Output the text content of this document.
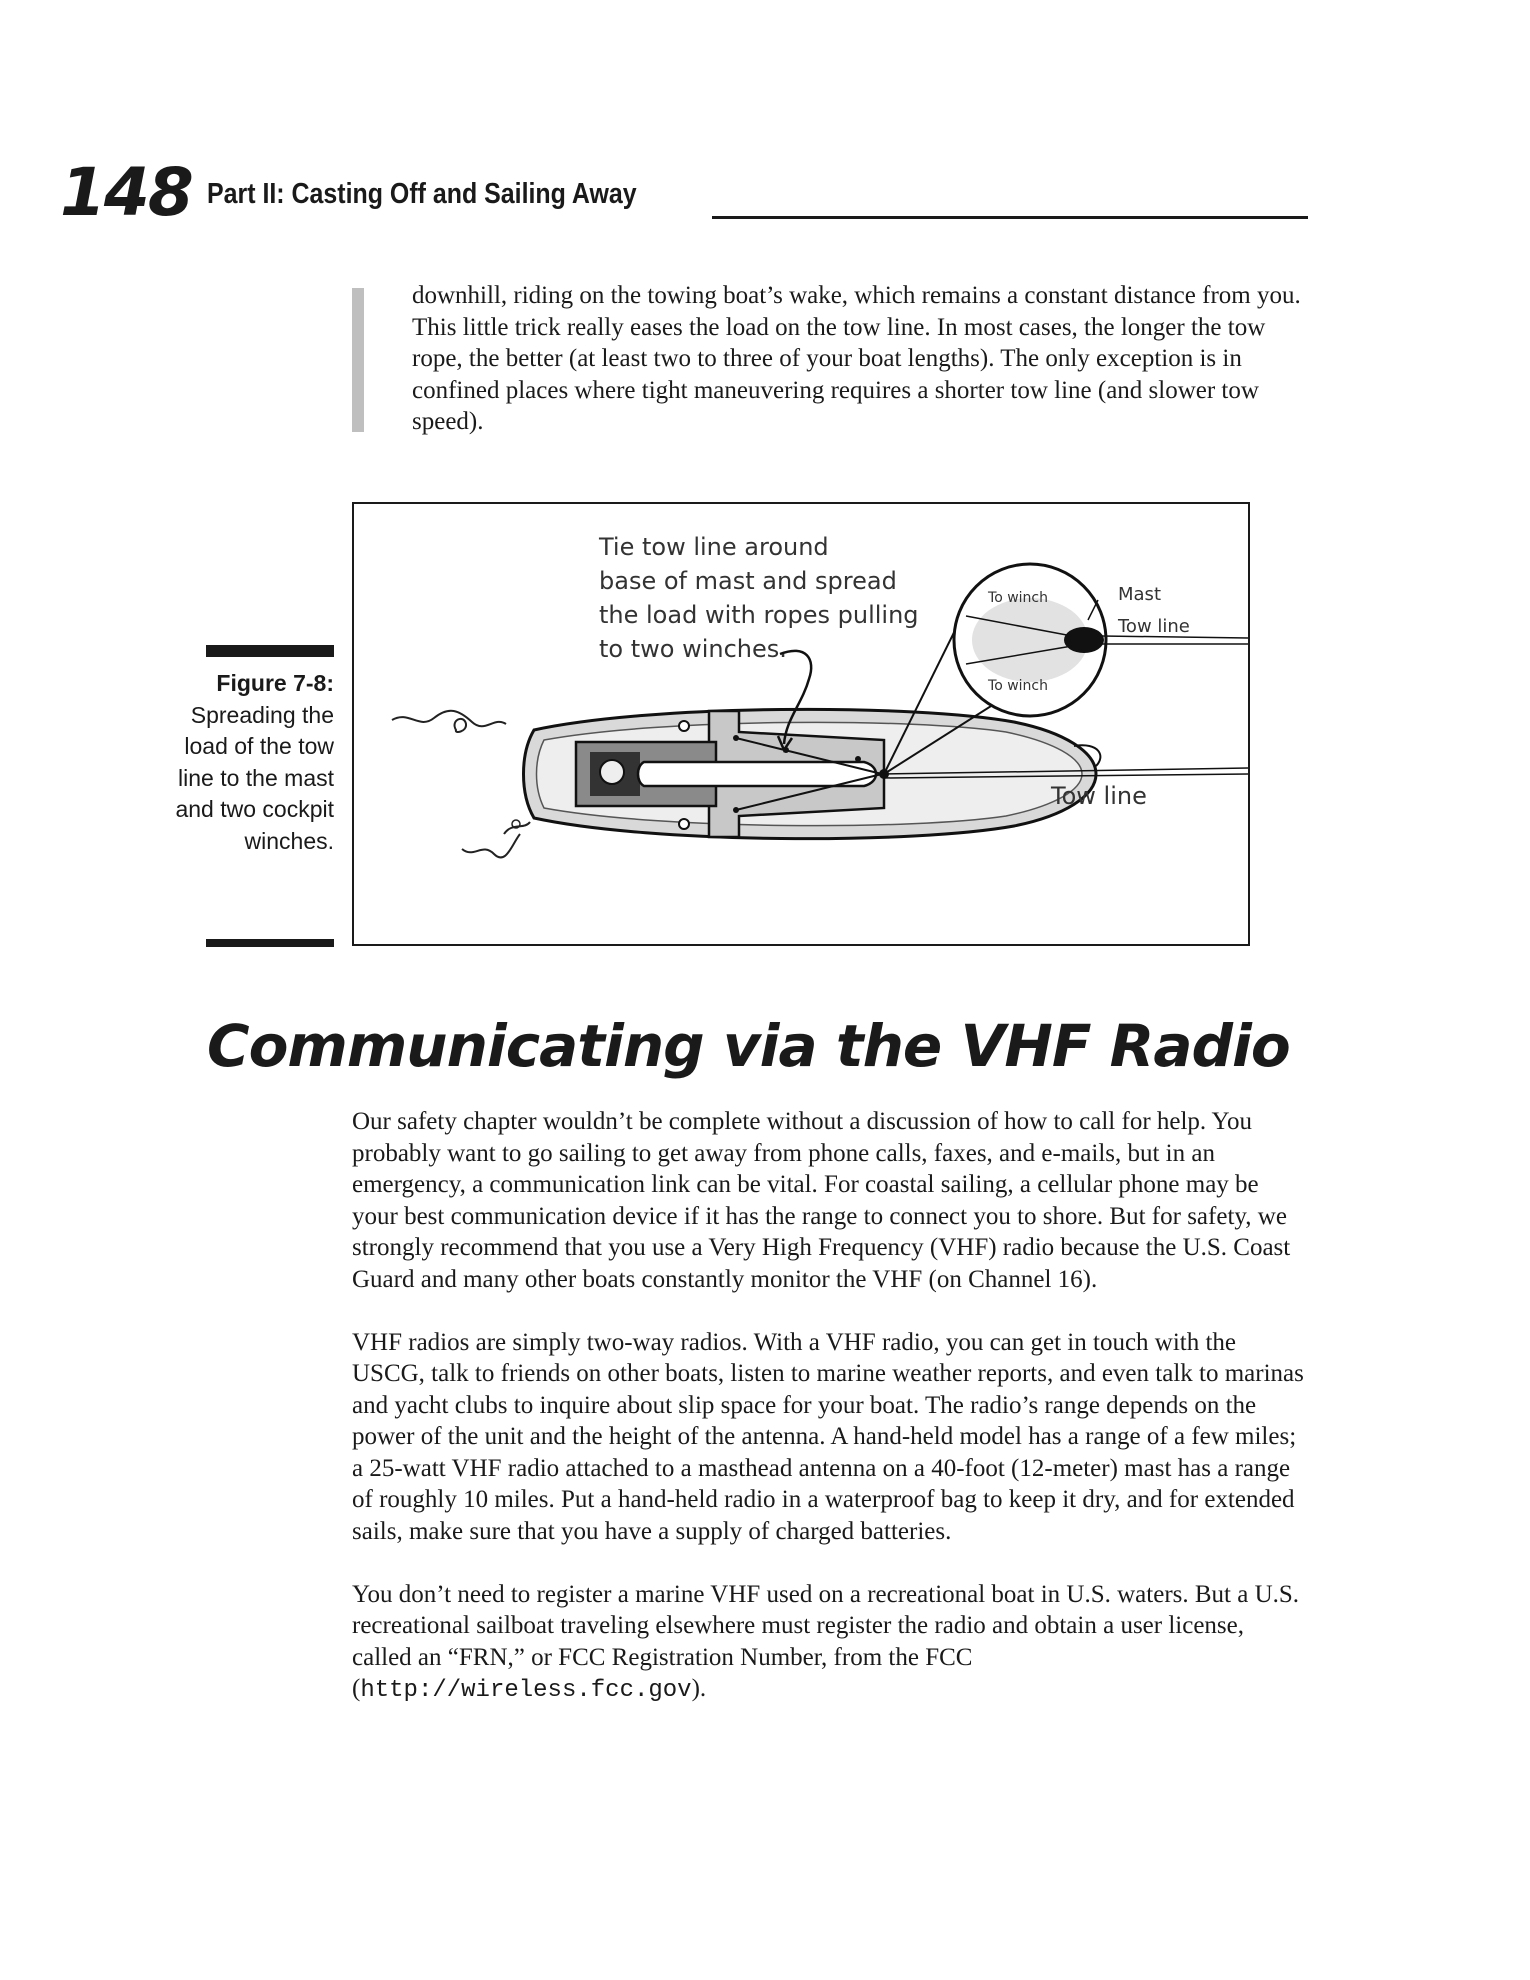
148 Part II: Casting Off and Sailing Away

downhill, riding on the towing boat’s wake, which remains a constant distance from you. This little trick really eases the load on the tow line. In most cases, the longer the tow rope, the better (at least two to three of your boat lengths). The only exception is in confined places where tight maneuvering requires a shorter tow line (and slower tow speed).

Figure 7-8:
Spreading the load of the tow line to the mast and two cockpit winches.
Tie tow line around
base of mast and spread
the load with ropes pulling
to two winches.
Tow line
To winch
To winch
Mast
Tow line
Communicating via the VHF Radio

Our safety chapter wouldn’t be complete without a discussion of how to call for help. You probably want to go sailing to get away from phone calls, faxes, and e-mails, but in an emergency, a communication link can be vital. For coastal sailing, a cellular phone may be your best communication device if it has the range to connect you to shore. But for safety, we strongly recommend that you use a Very High Frequency (VHF) radio because the U.S. Coast Guard and many other boats constantly monitor the VHF (on Channel 16).

VHF radios are simply two-way radios. With a VHF radio, you can get in touch with the USCG, talk to friends on other boats, listen to marine weather reports, and even talk to marinas and yacht clubs to inquire about slip space for your boat. The radio’s range depends on the power of the unit and the height of the antenna. A hand-held model has a range of a few miles; a 25-watt VHF radio attached to a masthead antenna on a 40-foot (12-meter) mast has a range of roughly 10 miles. Put a hand-held radio in a waterproof bag to keep it dry, and for extended sails, make sure that you have a supply of charged batteries.

You don’t need to register a marine VHF used on a recreational boat in U.S. waters. But a U.S. recreational sailboat traveling elsewhere must register the radio and obtain a user license, called an “FRN,” or FCC Registration Number, from the FCC (http://wireless.fcc.gov).
